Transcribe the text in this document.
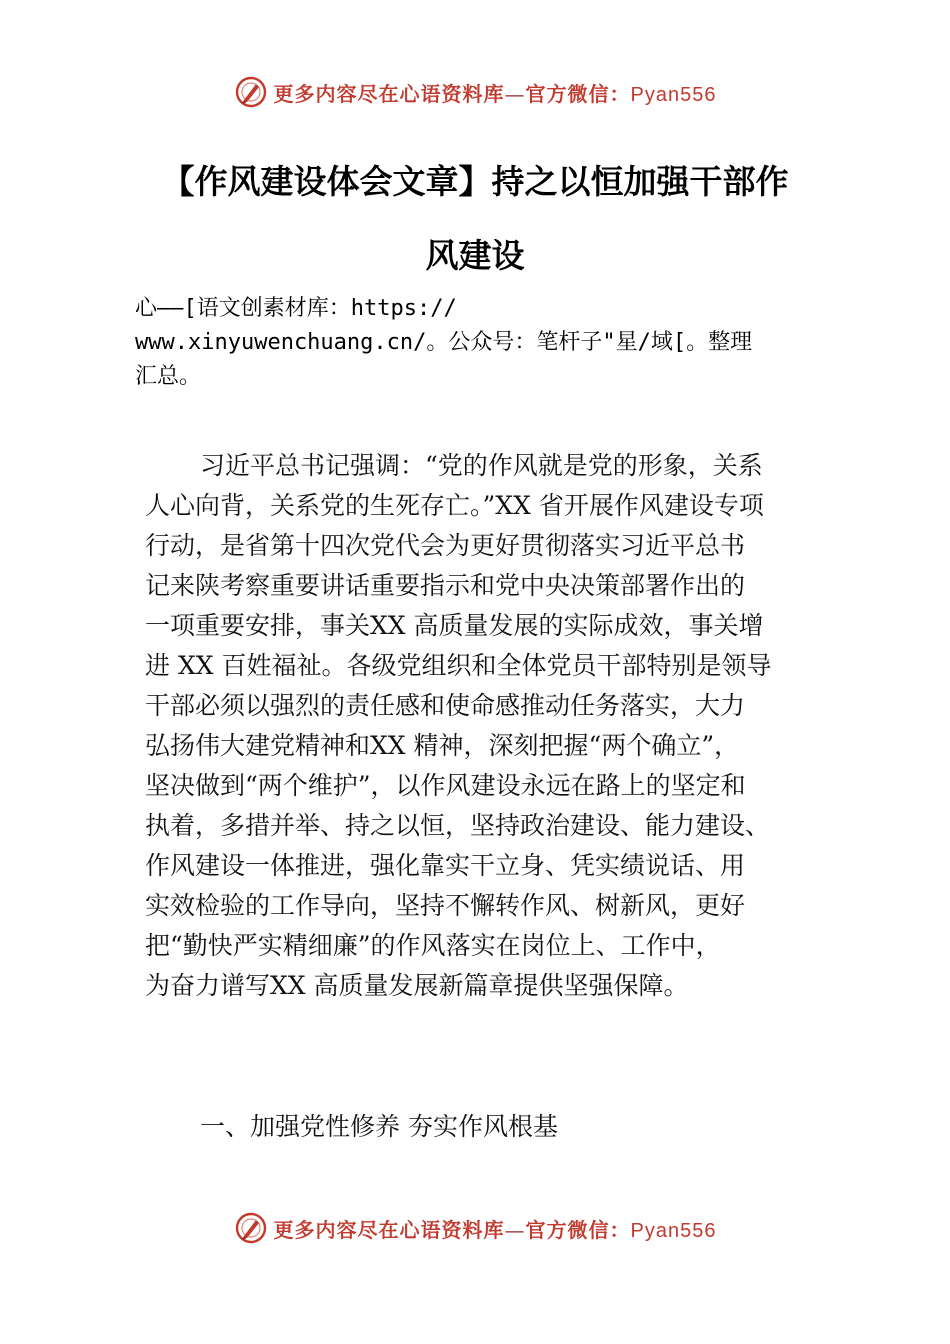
更多内容尽在心语资料库—官方微信：Pyan556
【作风建设体会文章】持之以恒加强干部作
风建设
心——[语文创素材库：https://
www.xinyuwenchuang.cn/。公众号：笔杆子"星/域[。整理
汇总。
习近平总书记强调：“党的作风就是党的形象，关系
人心向背，关系党的生死存亡。”XX 省开展作风建设专项
行动，是省第十四次党代会为更好贯彻落实习近平总书
记来陕考察重要讲话重要指示和党中央决策部署作出的
一项重要安排，事关XX 高质量发展的实际成效，事关增
进 XX 百姓福祉。各级党组织和全体党员干部特别是领导
干部必须以强烈的责任感和使命感推动任务落实，大力
弘扬伟大建党精神和XX 精神，深刻把握“两个确立”，
坚决做到“两个维护”，以作风建设永远在路上的坚定和
执着，多措并举、持之以恒，坚持政治建设、能力建设、
作风建设一体推进，强化靠实干立身、凭实绩说话、用
实效检验的工作导向，坚持不懈转作风、树新风，更好
把“勤快严实精细廉”的作风落实在岗位上、工作中，
为奋力谱写XX 高质量发展新篇章提供坚强保障。
一、加强党性修养 夯实作风根基
更多内容尽在心语资料库—官方微信：Pyan556
